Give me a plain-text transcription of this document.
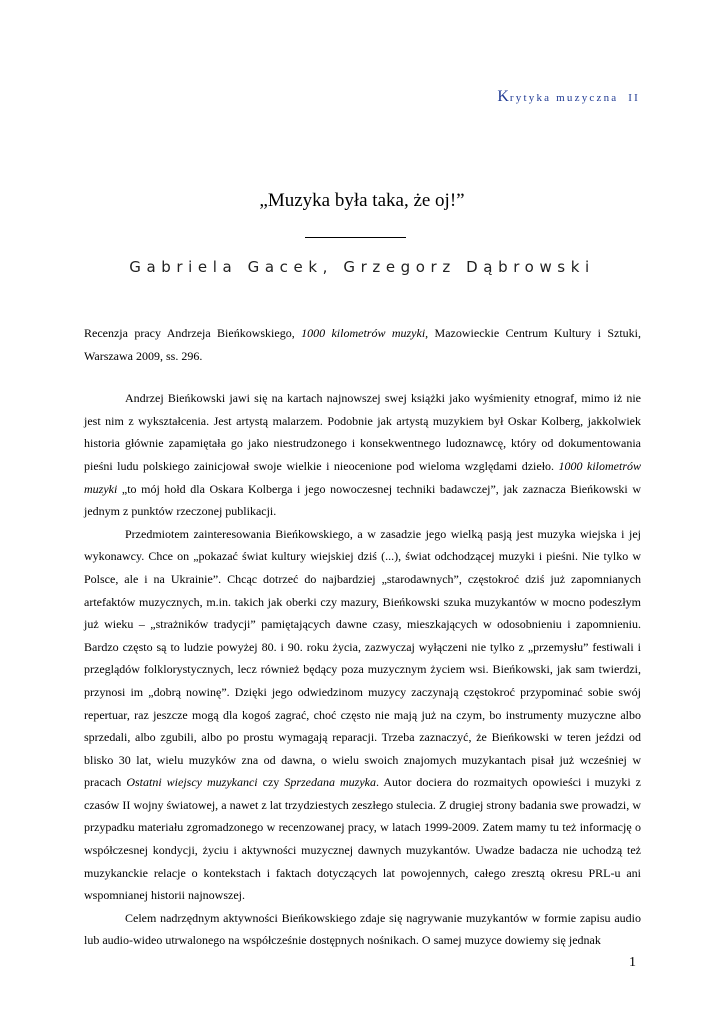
Krytyka muzyczna II
„Muzyka była taka, że oj!”
Gabriela Gacek, Grzegorz Dąbrowski

Recenzja pracy Andrzeja Bieńkowskiego, 1000 kilometrów muzyki, Mazowieckie Centrum Kultury i Sztuki, Warszawa 2009, ss. 296.

Andrzej Bieńkowski jawi się na kartach najnowszej swej książki jako wyśmienity etnograf, mimo iż nie jest nim z wykształcenia. Jest artystą malarzem. Podobnie jak artystą muzykiem był Oskar Kolberg, jakkolwiek historia głównie zapamiętała go jako niestrudzonego i konsekwentnego ludoznawcę, który od dokumentowania pieśni ludu polskiego zainicjował swoje wielkie i nieocenione pod wieloma względami dzieło. 1000 kilometrów muzyki „to mój hołd dla Oskara Kolberga i jego nowoczesnej techniki badawczej”, jak zaznacza Bieńkowski w jednym z punktów rzeczonej publikacji.

Przedmiotem zainteresowania Bieńkowskiego, a w zasadzie jego wielką pasją jest muzyka wiejska i jej wykonawcy. Chce on „pokazać świat kultury wiejskiej dziś (...), świat odchodzącej muzyki i pieśni. Nie tylko w Polsce, ale i na Ukrainie”. Chcąc dotrzeć do najbardziej „starodawnych”, częstokroć dziś już zapomnianych artefaktów muzycznych, m.in. takich jak oberki czy mazury, Bieńkowski szuka muzykantów w mocno podeszłym już wieku – „strażników tradycji” pamiętających dawne czasy, mieszkających w odosobnieniu i zapomnieniu. Bardzo często są to ludzie powyżej 80. i 90. roku życia, zazwyczaj wyłączeni nie tylko z „przemysłu” festiwali i przeglądów folklorystycznych, lecz również będący poza muzycznym życiem wsi. Bieńkowski, jak sam twierdzi, przynosi im „dobrą nowinę”. Dzięki jego odwiedzinom muzycy zaczynają częstokroć przypominać sobie swój repertuar, raz jeszcze mogą dla kogoś zagrać, choć często nie mają już na czym, bo instrumenty muzyczne albo sprzedali, albo zgubili, albo po prostu wymagają reparacji. Trzeba zaznaczyć, że Bieńkowski w teren jeździ od blisko 30 lat, wielu muzyków zna od dawna, o wielu swoich znajomych muzykantach pisał już wcześniej w pracach Ostatni wiejscy muzykanci czy Sprzedana muzyka. Autor dociera do rozmaitych opowieści i muzyki z czasów II wojny światowej, a nawet z lat trzydziestych zeszłego stulecia. Z drugiej strony badania swe prowadzi, w przypadku materiału zgromadzonego w recenzowanej pracy, w latach 1999-2009. Zatem mamy tu też informację o współczesnej kondycji, życiu i aktywności muzycznej dawnych muzykantów. Uwadze badacza nie uchodzą też muzykanckie relacje o kontekstach i faktach dotyczących lat powojennych, całego zresztą okresu PRL-u ani wspomnianej historii najnowszej.

Celem nadrzędnym aktywności Bieńkowskiego zdaje się nagrywanie muzykantów w formie zapisu audio lub audio-wideo utrwalonego na współcześnie dostępnych nośnikach. O samej muzyce dowiemy się jednak

1
